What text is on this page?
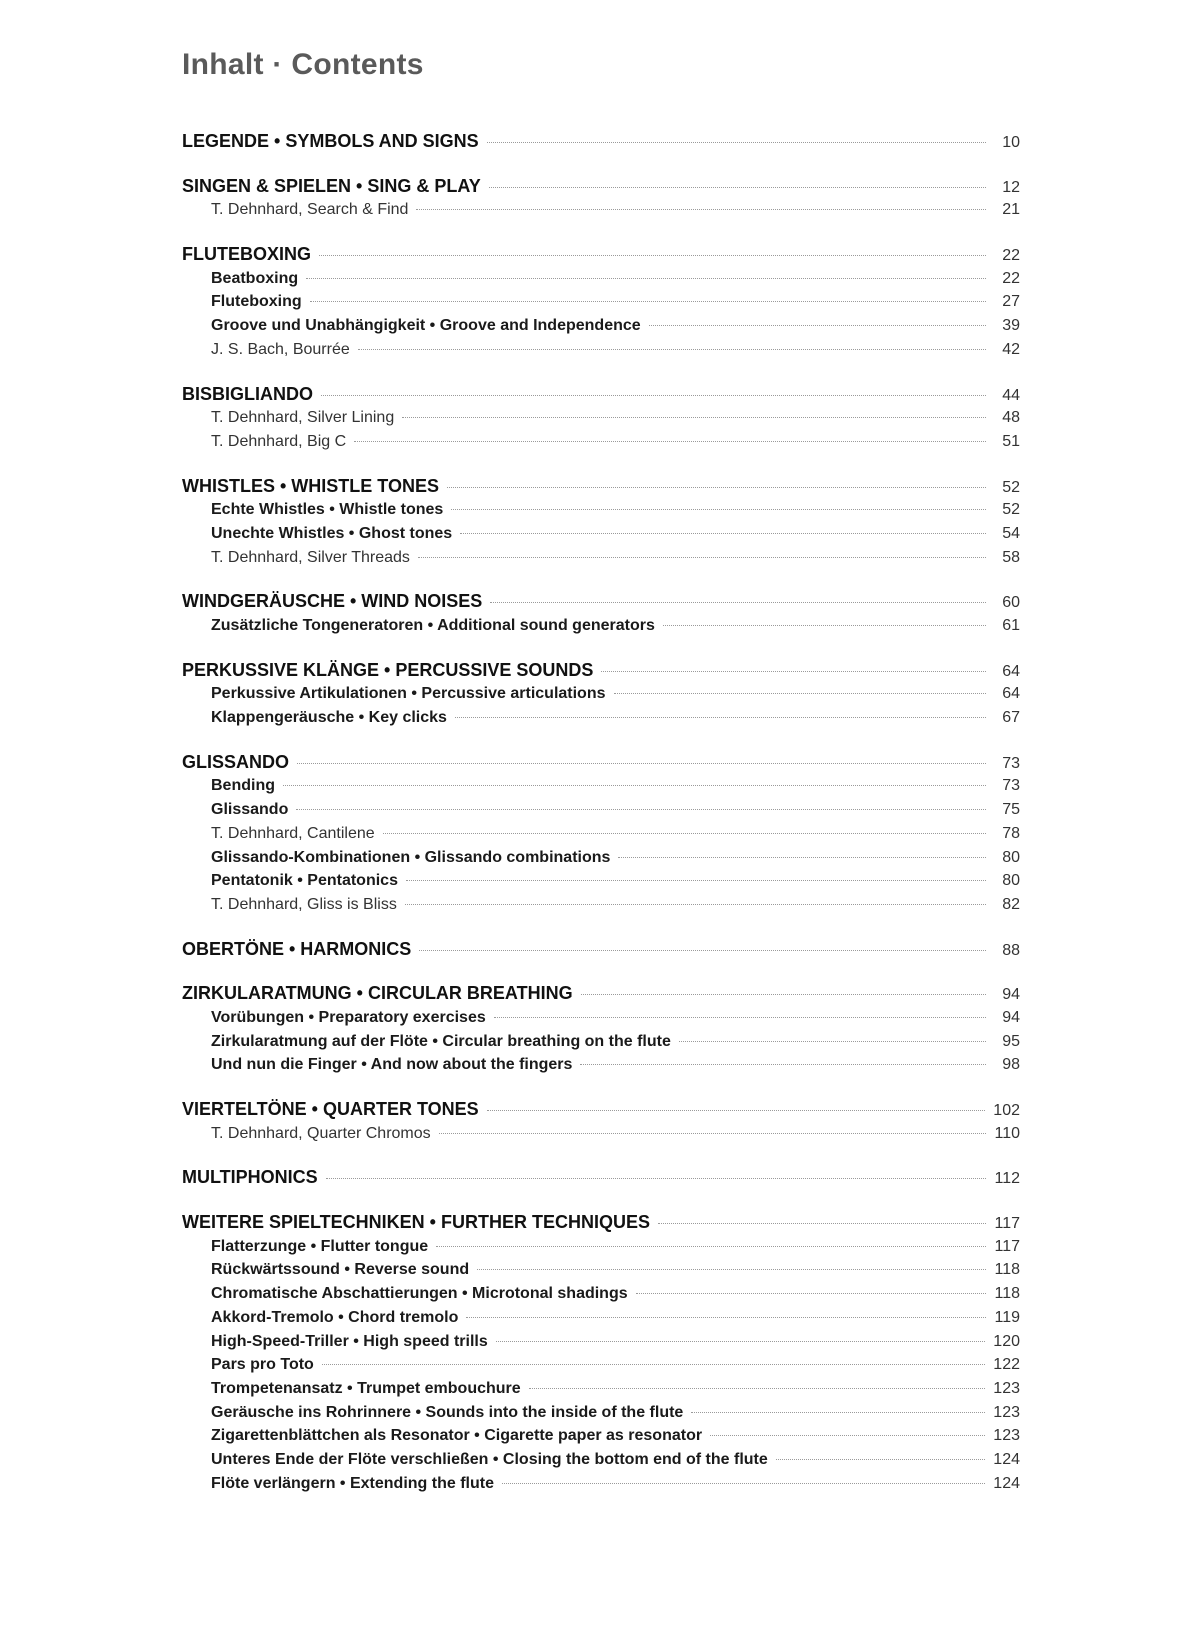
Inhalt · Contents
LEGENDE • SYMBOLS AND SIGNS	10
SINGEN & SPIELEN • SING & PLAY	12
T. Dehnhard, Search & Find	21
FLUTEBOXING	22
Beatboxing	22
Fluteboxing	27
Groove und Unabhängigkeit • Groove and Independence	39
J. S. Bach, Bourrée	42
BISBIGLIANDO	44
T. Dehnhard, Silver Lining	48
T. Dehnhard, Big C	51
WHISTLES • WHISTLE TONES	52
Echte Whistles • Whistle tones	52
Unechte Whistles • Ghost tones	54
T. Dehnhard, Silver Threads	58
WINDGERÄUSCHE • WIND NOISES	60
Zusätzliche Tongeneratoren • Additional sound generators	61
PERKUSSIVE KLÄNGE • PERCUSSIVE SOUNDS	64
Perkussive Artikulationen • Percussive articulations	64
Klappengeräusche • Key clicks	67
GLISSANDO	73
Bending	73
Glissando	75
T. Dehnhard, Cantilene	78
Glissando-Kombinationen • Glissando combinations	80
Pentatonik • Pentatonics	80
T. Dehnhard, Gliss is Bliss	82
OBERTÖNE • HARMONICS	88
ZIRKULARATMUNG • CIRCULAR BREATHING	94
Vorübungen • Preparatory exercises	94
Zirkularatmung auf der Flöte • Circular breathing on the flute	95
Und nun die Finger • And now about the fingers	98
VIERTELTÖNE • QUARTER TONES	102
T. Dehnhard, Quarter Chromos	110
MULTIPHONICS	112
WEITERE SPIELTECHNIKEN • FURTHER TECHNIQUES	117
Flatterzunge • Flutter tongue	117
Rückwärtssound • Reverse sound	118
Chromatische Abschattierungen • Microtonal shadings	118
Akkord-Tremolo • Chord tremolo	119
High-Speed-Triller • High speed trills	120
Pars pro Toto	122
Trompetenansatz • Trumpet embouchure	123
Geräusche ins Rohrinnere • Sounds into the inside of the flute	123
Zigarettenblättchen als Resonator • Cigarette paper as resonator	123
Unteres Ende der Flöte verschließen • Closing the bottom end of the flute	124
Flöte verlängern • Extending the flute	124
